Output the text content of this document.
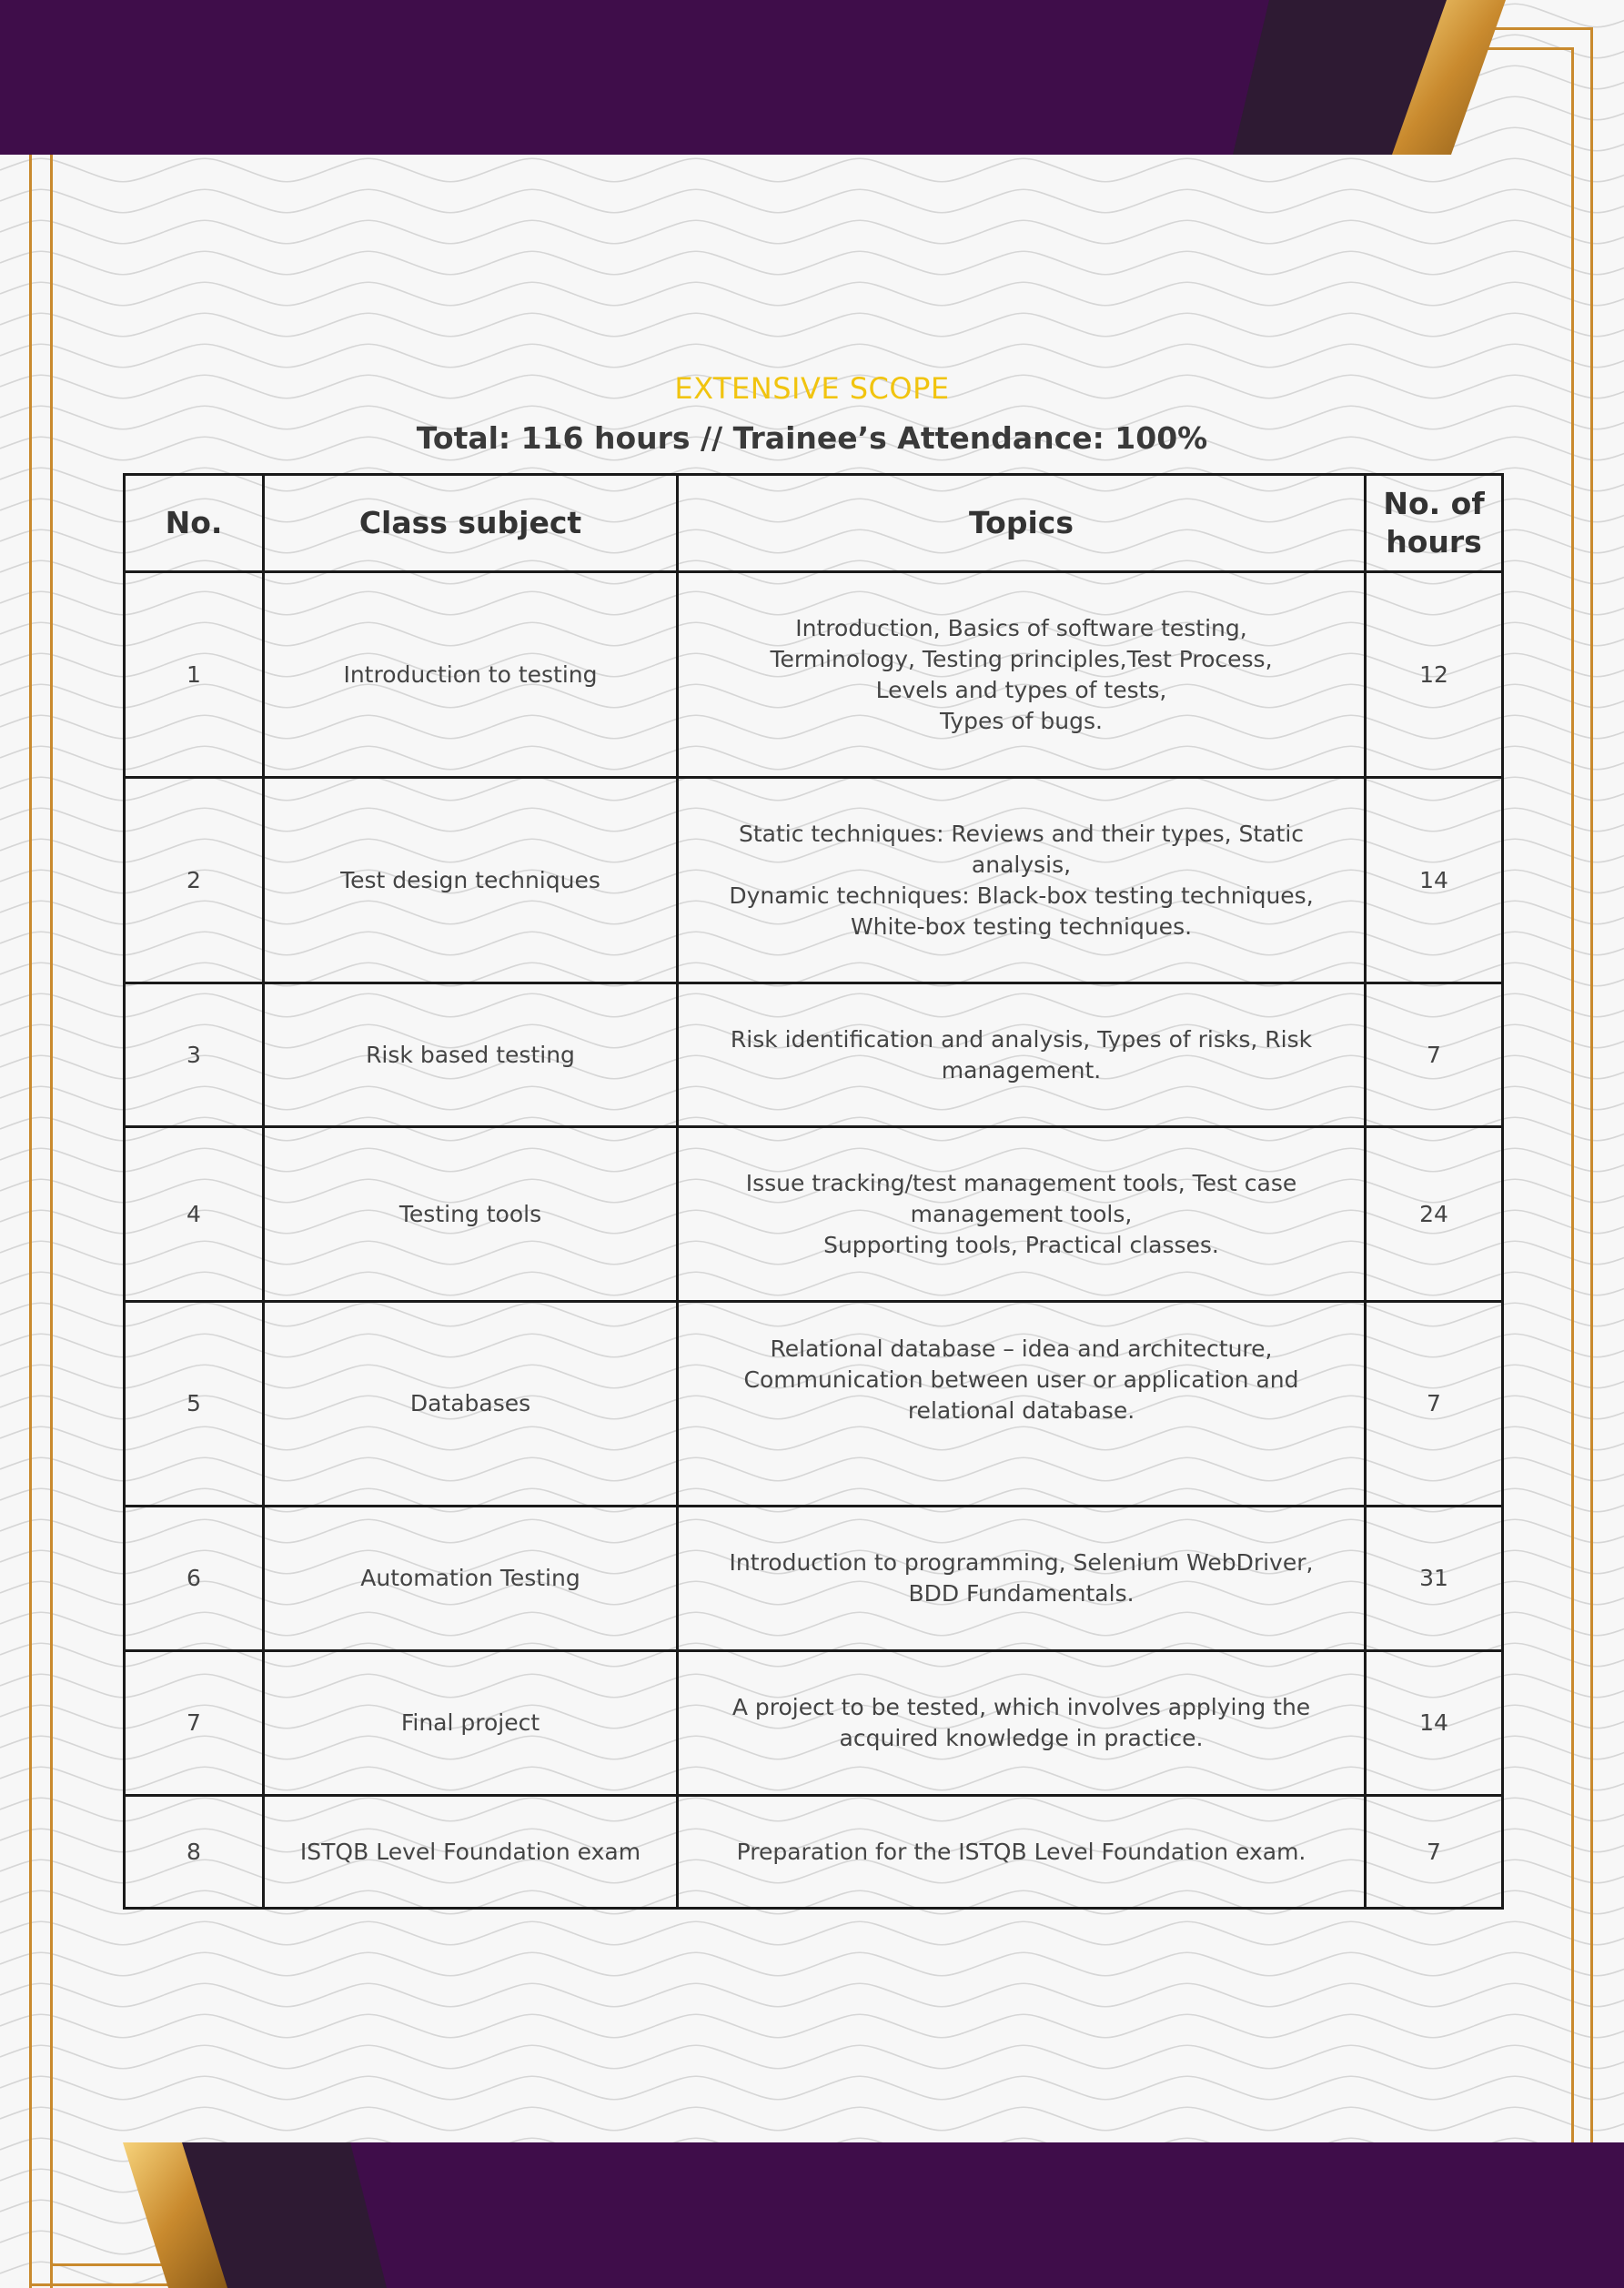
EXTENSIVE SCOPE
Total: 116 hours // Trainee’s Attendance: 100%
No.	Class subject	Topics	No. of hours
1	Introduction to testing	Introduction, Basics of software testing,
Terminology, Testing principles,Test Process,
Levels and types of tests,
Types of bugs.	12
2	Test design techniques	Static techniques: Reviews and their types, Static
analysis,
Dynamic techniques: Black-box testing techniques,
White-box testing techniques.	14
3	Risk based testing	Risk identification and analysis, Types of risks, Risk
management.	7
4	Testing tools	Issue tracking/test management tools, Test case
management tools,
Supporting tools, Practical classes.	24
5	Databases	Relational database – idea and architecture,
Communication between user or application and
relational database.	7
6	Automation Testing	Introduction to programming, Selenium WebDriver,
BDD Fundamentals.	31
7	Final project	A project to be tested, which involves applying the
acquired knowledge in practice.	14
8	ISTQB Level Foundation exam	Preparation for the ISTQB Level Foundation exam.	7
